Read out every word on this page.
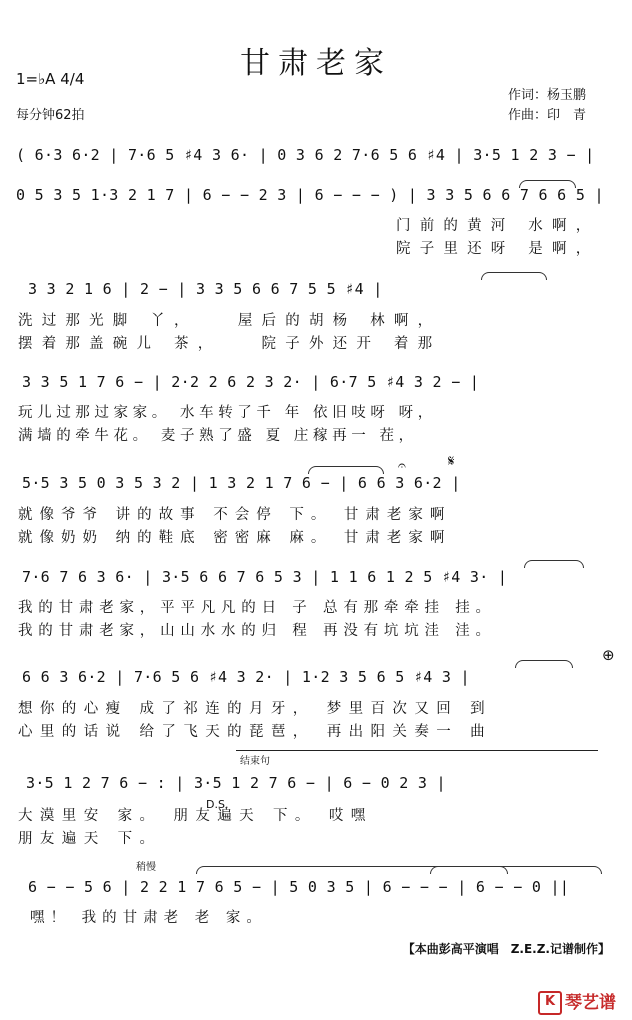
甘肃老家
1=♭A 4/4
每分钟62拍
作词：杨玉鹏
作曲：印　青
( 6·3 6·2 | 7·6 5 ♯4 3 6· | 0 3 6 2 7·6 5 6 ♯4 | 3·5 1 2 3 − |
0 5 3 5 1·3 2 1 7 | 6 − − 2 3 | 6 − − − ) | 3 3 5 6 6 7 6 6 5 |
门前的黄河 水啊，
院子里还呀 是啊，
3 3 2 1 6 | 2 − | 3 3 5 6 6 7 5 5 ♯4 |
洗过那光脚 丫，　　屋后的胡杨 林啊，
摆着那盖碗儿 茶，　　院子外还开 着那
3 3 5 1 7 6 − | 2·2 2 6 2 3 2· | 6·7 5 ♯4 3 2 − |
玩儿过那过家家。 水车转了千 年 依旧吱呀 呀，
满墙的牵牛花。 麦子熟了盛 夏 庄稼再一 茬，
5·5 3 5 0 3 5 3 2 | 1 3 2 1 7 6 − | 6 6 3 6·2 |
就像爷爷 讲的故事 不会停 下。 甘肃老家啊
就像奶奶 纳的鞋底 密密麻 麻。 甘肃老家啊
7·6 7 6 3 6· | 3·5 6 6 7 6 5 3 | 1 1 6 1 2 5 ♯4 3· |
我的甘肃老家，平平凡凡的日 子 总有那牵牵挂 挂。
我的甘肃老家，山山水水的归 程 再没有坑坑洼 洼。
6 6 3 6·2 | 7·6 5 6 ♯4 3 2· | 1·2 3 5 6 5 ♯4 3 |
想你的心瘦 成了祁连的月牙， 梦里百次又回 到
心里的话说 给了飞天的琵琶， 再出阳关奏一 曲
⊕
结束句
3·5 1 2 7 6 − : | 3·5 1 2 7 6 − | 6 − 0 2 3 |
大漠里安 家。 朋友遍天 下。 哎嘿
朋友遍天 下。
D.S.
稍慢
6 − − 5 6 | 2 2 1 7 6 5 − | 5 0 3 5 | 6 − − − | 6 − − 0 ||
嘿！ 我的甘肃老 老 家。
𝄋
𝄐
【本曲彭高平演唱　Z.E.Z.记谱制作】
K 琴艺谱
